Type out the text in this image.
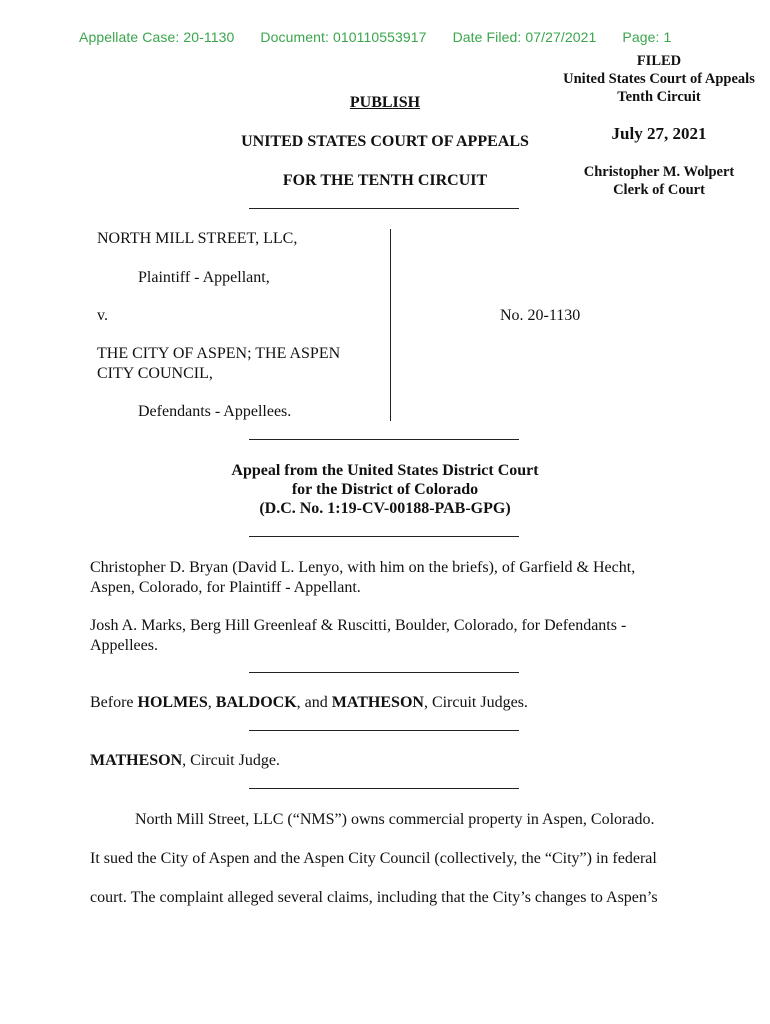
Appellate Case: 20-1130 Document: 010110553917 Date Filed: 07/27/2021 Page: 1
FILED
United States Court of Appeals
Tenth Circuit
July 27, 2021
Christopher M. Wolpert
Clerk of Court
PUBLISH
UNITED STATES COURT OF APPEALS
FOR THE TENTH CIRCUIT
NORTH MILL STREET, LLC,
Plaintiff - Appellant,
v.
THE CITY OF ASPEN; THE ASPEN
CITY COUNCIL,
Defendants - Appellees.
No. 20-1130
Appeal from the United States District Court
for the District of Colorado
(D.C. No. 1:19-CV-00188-PAB-GPG)
Christopher D. Bryan (David L. Lenyo, with him on the briefs), of Garfield & Hecht, Aspen, Colorado, for Plaintiff - Appellant.
Josh A. Marks, Berg Hill Greenleaf & Ruscitti, Boulder, Colorado, for Defendants - Appellees.
Before HOLMES, BALDOCK, and MATHESON, Circuit Judges.
MATHESON, Circuit Judge.
North Mill Street, LLC (“NMS”) owns commercial property in Aspen, Colorado.
It sued the City of Aspen and the Aspen City Council (collectively, the “City”) in federal
court. The complaint alleged several claims, including that the City’s changes to Aspen’s
